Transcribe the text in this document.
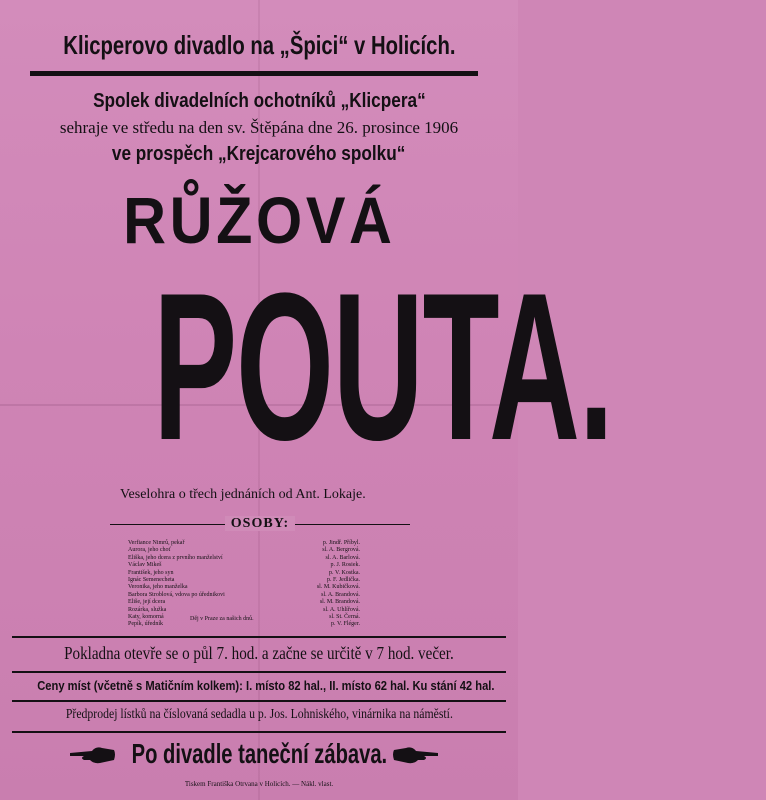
Klicperovo divadlo na „Špici“ v Holicích.
Spolek divadelních ochotníků „Klicpera“
sehraje ve středu na den sv. Štěpána dne 26. prosince 1906
ve prospěch „Krejcarového spolku“
RŮŽOVÁ
POUTA.
Veselohra o třech jednáních od Ant. Lokaje.
OSOBY:
Verfiance Nimrů, pekař	p. Jindř. Příbyl.
Aurora, jeho choť	sl. A. Bergrová.
Eliška, jeho dcera z prvního manželství	sl. A. Barlová.
Václav Mikeš	p. J. Rosiek.
František, jeho syn	p. V. Kostka.
Ignác Semenecheta	p. F. Jedlička.
Veronika, jeho manželka	sl. M. Kubičková.
Barbora Stroblová, vdova po úřednikovi	sl. A. Brandová.
Eliše, její dcera	sl. M. Brandová.
Rozárka, služka	sl. A. Uhlířová.
Katy, komorná	sl. St. Černá.
Pepík, úředník	p. V. Fléger.
Děj v Praze za našich dnů.
Pokladna otevře se o půl 7. hod. a začne se určitě v 7 hod. večer.
Ceny míst (včetně s Matičním kolkem): I. místo 82 hal., II. místo 62 hal. Ku stání 42 hal.
Předprodej lístků na číslovaná sedadla u p. Jos. Lohniského, vinárnika na náměstí.
Po divadle taneční zábava.
Tiskem Františka Otrvana v Holicích. — Nákl. vlast.
